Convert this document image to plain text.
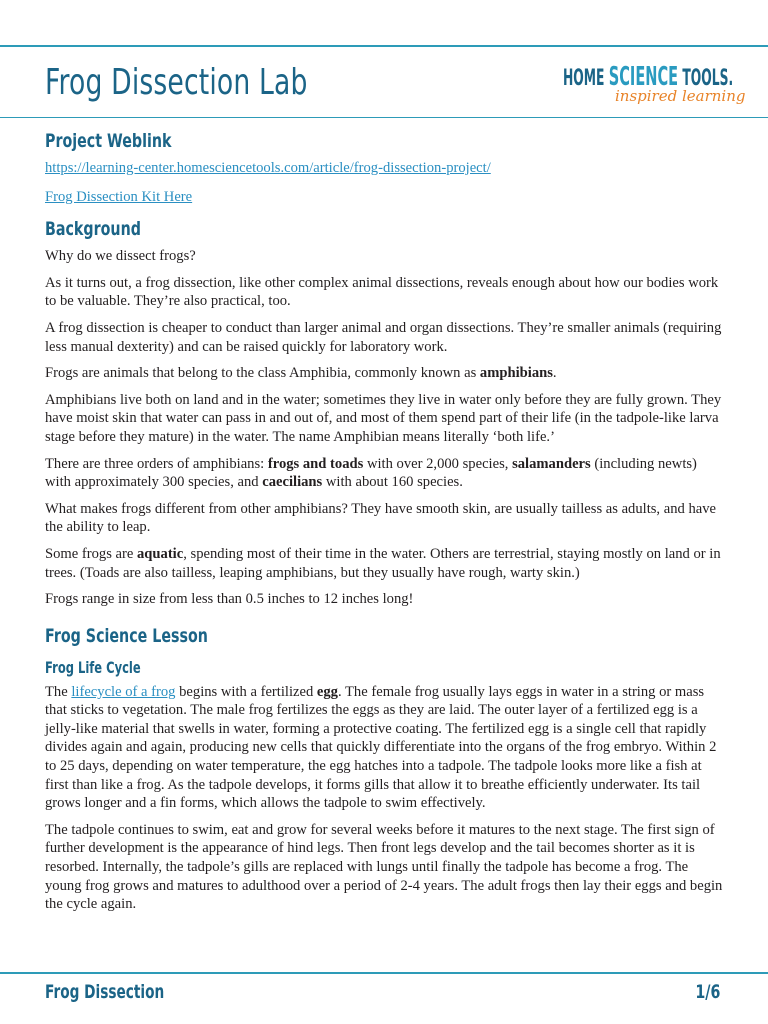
Frog Dissection Lab	HOME SCIENCE TOOLS.
inspired learning
Project Weblink

https://learning-center.homesciencetools.com/article/frog-dissection-project/

Frog Dissection Kit Here

Background

Why do we dissect frogs?

As it turns out, a frog dissection, like other complex animal dissections, reveals enough about how our bodies work to be valuable. They’re also practical, too.

A frog dissection is cheaper to conduct than larger animal and organ dissections. They’re smaller animals (requiring less manual dexterity) and can be raised quickly for laboratory work.

Frogs are animals that belong to the class Amphibia, commonly known as amphibians.

Amphibians live both on land and in the water; sometimes they live in water only before they are fully grown. They have moist skin that water can pass in and out of, and most of them spend part of their life (in the tadpole-like larva stage before they mature) in the water. The name Amphibian means literally ‘both life.’

There are three orders of amphibians: frogs and toads with over 2,000 species, salamanders (including newts) with approximately 300 species, and caecilians with about 160 species.

What makes frogs different from other amphibians? They have smooth skin, are usually tailless as adults, and have the ability to leap.

Some frogs are aquatic, spending most of their time in the water. Others are terrestrial, staying mostly on land or in trees. (Toads are also tailless, leaping amphibians, but they usually have rough, warty skin.)

Frogs range in size from less than 0.5 inches to 12 inches long!

Frog Science Lesson
Frog Life Cycle

The lifecycle of a frog begins with a fertilized egg. The female frog usually lays eggs in water in a string or mass that sticks to vegetation. The male frog fertilizes the eggs as they are laid. The outer layer of a fertilized egg is a jelly-like material that swells in water, forming a protective coating. The fertilized egg is a single cell that rapidly divides again and again, producing new cells that quickly differentiate into the organs of the frog embryo. Within 2 to 25 days, depending on water temperature, the egg hatches into a tadpole. The tadpole looks more like a fish at first than like a frog. As the tadpole develops, it forms gills that allow it to breathe efficiently underwater. Its tail grows longer and a fin forms, which allows the tadpole to swim effectively.

The tadpole continues to swim, eat and grow for several weeks before it matures to the next stage. The first sign of further development is the appearance of hind legs. Then front legs develop and the tail becomes shorter as it is resorbed. Internally, the tadpole’s gills are replaced with lungs until finally the tadpole has become a frog. The young frog grows and matures to adulthood over a period of 2-4 years. The adult frogs then lay their eggs and begin the cycle again.

Frog Dissection	1/6
